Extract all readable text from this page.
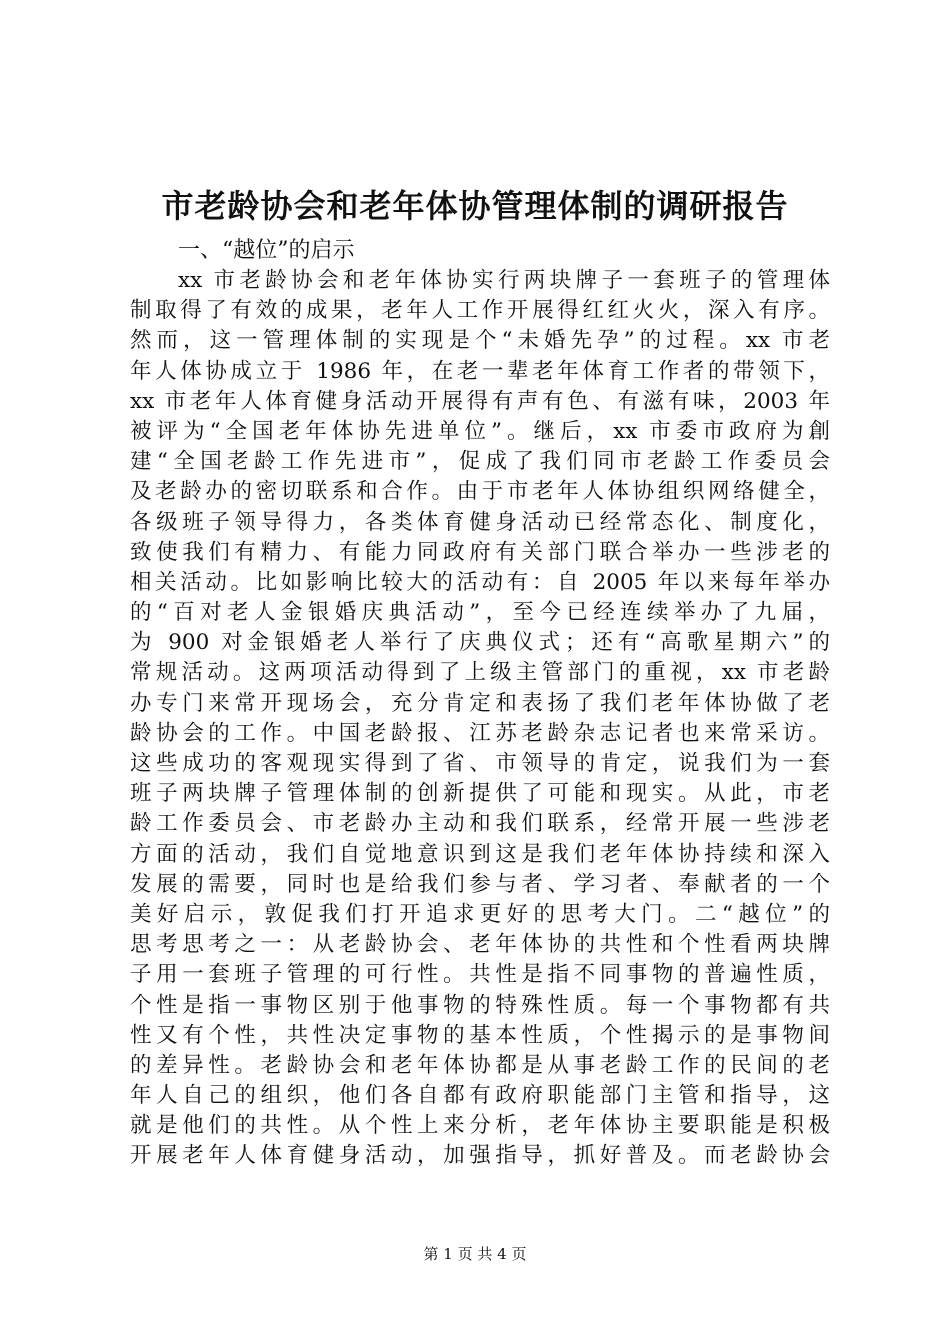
市老龄协会和老年体协管理体制的调研报告

一、“越位”的启示

xx 市老龄协会和老年体协实行两块牌子一套班子的管理体
制取得了有效的成果，老年人工作开展得红红火火，深入有序。
然而，这一管理体制的实现是个“未婚先孕”的过程。xx 市老
年人体协成立于 1986 年，在老一辈老年体育工作者的带领下，
xx 市老年人体育健身活动开展得有声有色、有滋有味，2003 年
被评为“全国老年体协先进单位”。继后，xx 市委市政府为創
建“全国老龄工作先进市”，促成了我们同市老龄工作委员会
及老龄办的密切联系和合作。由于市老年人体协组织网络健全，
各级班子领导得力，各类体育健身活动已经常态化、制度化，
致使我们有精力、有能力同政府有关部门联合举办一些涉老的
相关活动。比如影响比较大的活动有：自 2005 年以来每年举办
的“百对老人金银婚庆典活动”，至今已经连续举办了九届，
为 900 对金银婚老人举行了庆典仪式；还有“高歌星期六”的
常规活动。这两项活动得到了上级主管部门的重视，xx 市老龄
办专门来常开现场会，充分肯定和表扬了我们老年体协做了老
龄协会的工作。中国老龄报、江苏老龄杂志记者也来常采访。
这些成功的客观现实得到了省、市领导的肯定，说我们为一套
班子两块牌子管理体制的创新提供了可能和现实。从此，市老
龄工作委员会、市老龄办主动和我们联系，经常开展一些涉老
方面的活动，我们自觉地意识到这是我们老年体协持续和深入
发展的需要，同时也是给我们参与者、学习者、奉献者的一个
美好启示，敦促我们打开追求更好的思考大门。二“越位”的
思考思考之一：从老龄协会、老年体协的共性和个性看两块牌
子用一套班子管理的可行性。共性是指不同事物的普遍性质，
个性是指一事物区别于他事物的特殊性质。每一个事物都有共
性又有个性，共性决定事物的基本性质，个性揭示的是事物间
的差异性。老龄协会和老年体协都是从事老龄工作的民间的老
年人自己的组织，他们各自都有政府职能部门主管和指导，这
就是他们的共性。从个性上来分析，老年体协主要职能是积极
开展老年人体育健身活动，加强指导，抓好普及。而老龄协会
第 1 页 共 4 页
